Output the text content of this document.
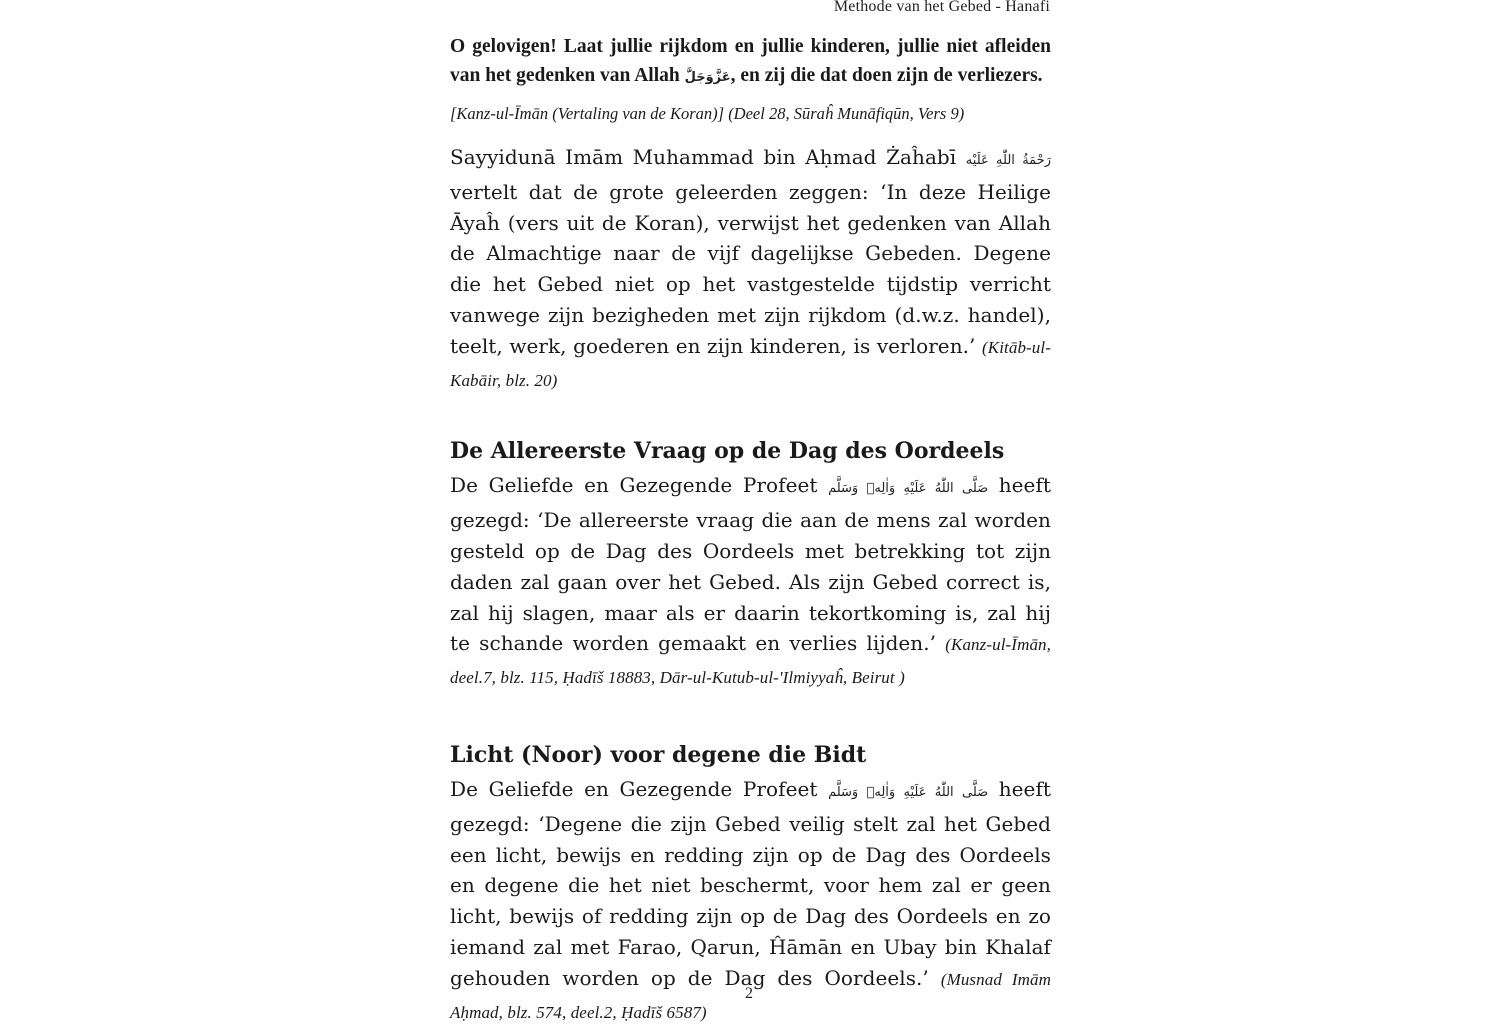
Methode van het Gebed - Hanafi

O gelovigen! Laat jullie rijkdom en jullie kinderen, jullie niet afleiden van het gedenken van Allah عَزَّوَجَلَّ, en zij die dat doen zijn de verliezers.

[Kanz-ul-Īmān (Vertaling van de Koran)] (Deel 28, Sūraĥ Munāfiqūn, Vers 9)

Sayyidunā Imām Muhammad bin Aḥmad Żaĥabī رَحْمَةُ اللّٰهِ عَلَيْه vertelt dat de grote geleerden zeggen: ‘In deze Heilige Āyaĥ (vers uit de Koran), verwijst het gedenken van Allah de Almachtige naar de vijf dagelijkse Gebeden. Degene die het Gebed niet op het vastgestelde tijdstip verricht vanwege zijn bezigheden met zijn rijkdom (d.w.z. handel), teelt, werk, goederen en zijn kinderen, is verloren.’ (Kitāb-ul-Kabāir, blz. 20)

De Allereerste Vraag op de Dag des Oordeels

De Geliefde en Gezegende Profeet صَلَّى اللّٰهُ عَلَيْهِ وَاٰلِهٖ وَسَلَّم heeft gezegd: ‘De allereerste vraag die aan de mens zal worden gesteld op de Dag des Oordeels met betrekking tot zijn daden zal gaan over het Gebed. Als zijn Gebed correct is, zal hij slagen, maar als er daarin tekortkoming is, zal hij te schande worden gemaakt en verlies lijden.’ (Kanz-ul-Īmān, deel.7, blz. 115, Ḥadīš 18883, Dār-ul-Kutub-ul-'Ilmiyyaĥ, Beirut )

Licht (Noor) voor degene die Bidt

De Geliefde en Gezegende Profeet صَلَّى اللّٰهُ عَلَيْهِ وَاٰلِهٖ وَسَلَّم heeft gezegd: ‘Degene die zijn Gebed veilig stelt zal het Gebed een licht, bewijs en redding zijn op de Dag des Oordeels en degene die het niet beschermt, voor hem zal er geen licht, bewijs of redding zijn op de Dag des Oordeels en zo iemand zal met Farao, Qarun, Ĥāmān en Ubay bin Khalaf gehouden worden op de Dag des Oordeels.’ (Musnad Imām Aḥmad, blz. 574, deel.2, Ḥadīš 6587)

2
